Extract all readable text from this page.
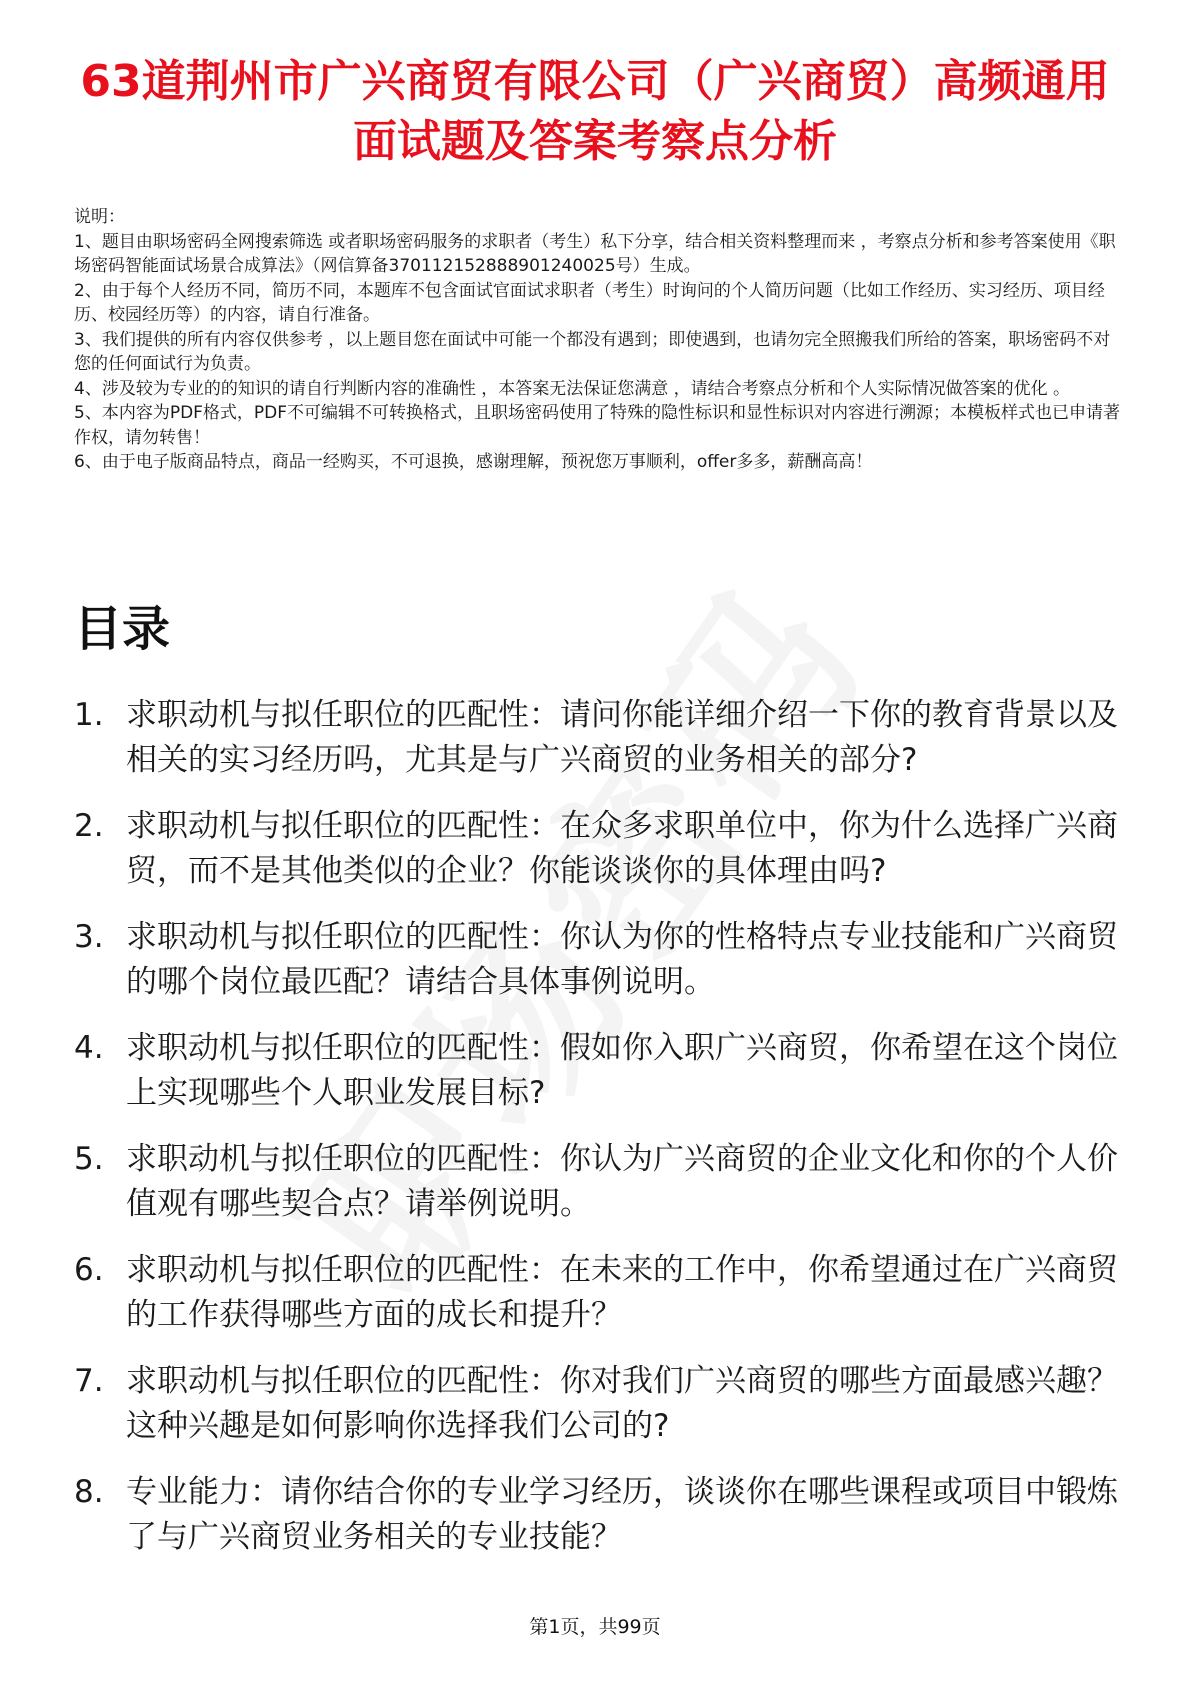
63道荆州市广兴商贸有限公司（广兴商贸）高频通用面试题及答案考察点分析

说明：

1、题目由职场密码全网搜索筛选 或者职场密码服务的求职者（考生）私下分享，结合相关资料整理而来 ，考察点分析和参考答案使用《职场密码智能面试场景合成算法》（网信算备370112152888901240025号）生成。

2、由于每个人经历不同，简历不同，本题库不包含面试官面试求职者（考生）时询问的个人简历问题（比如工作经历、实习经历、项目经历、校园经历等）的内容，请自行准备。

3、我们提供的所有内容仅供参考 ，以上题目您在面试中可能一个都没有遇到；即使遇到，也请勿完全照搬我们所给的答案，职场密码不对您的任何面试行为负责。

4、涉及较为专业的的知识的请自行判断内容的准确性 ，本答案无法保证您满意 ，请结合考察点分析和个人实际情况做答案的优化 。

5、本内容为PDF格式，PDF不可编辑不可转换格式，且职场密码使用了特殊的隐性标识和显性标识对内容进行溯源；本模板样式也已申请著作权，请勿转售！

6、由于电子版商品特点，商品一经购买，不可退换，感谢理解，预祝您万事顺利，offer多多，薪酬高高！

目录
1. 求职动机与拟任职位的匹配性：请问你能详细介绍一下你的教育背景以及相关的实习经历吗，尤其是与广兴商贸的业务相关的部分?
2. 求职动机与拟任职位的匹配性：在众多求职单位中，你为什么选择广兴商贸，而不是其他类似的企业？你能谈谈你的具体理由吗?
3. 求职动机与拟任职位的匹配性：你认为你的性格特点专业技能和广兴商贸的哪个岗位最匹配？请结合具体事例说明。
4. 求职动机与拟任职位的匹配性：假如你入职广兴商贸，你希望在这个岗位上实现哪些个人职业发展目标?
5. 求职动机与拟任职位的匹配性：你认为广兴商贸的企业文化和你的个人价值观有哪些契合点？请举例说明。
6. 求职动机与拟任职位的匹配性：在未来的工作中，你希望通过在广兴商贸的工作获得哪些方面的成长和提升？
7. 求职动机与拟任职位的匹配性：你对我们广兴商贸的哪些方面最感兴趣？这种兴趣是如何影响你选择我们公司的?
8. 专业能力：请你结合你的专业学习经历，谈谈你在哪些课程或项目中锻炼了与广兴商贸业务相关的专业技能？
第1页，共99页
